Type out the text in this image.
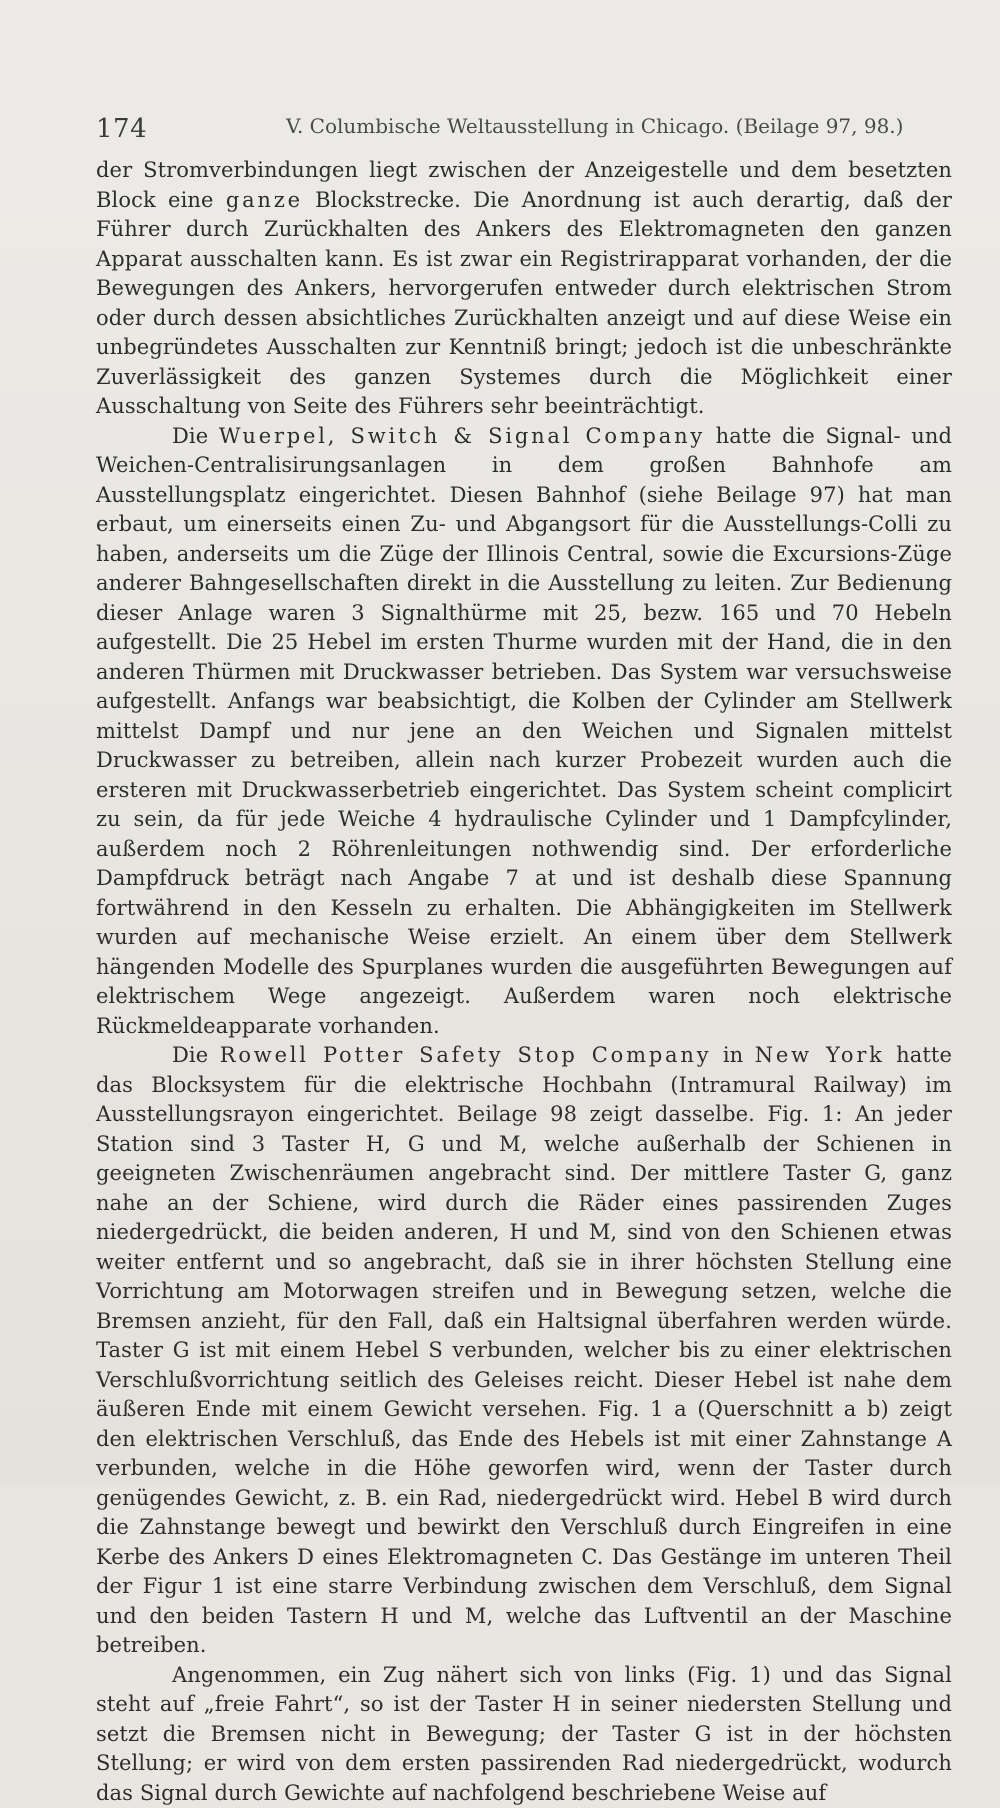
174	V. Columbische Weltausstellung in Chicago. (Beilage 97, 98.)

der Stromverbindungen liegt zwischen der Anzeigestelle und dem besetzten Block eine ganze Blockstrecke. Die Anordnung ist auch derartig, daß der Führer durch Zurückhalten des Ankers des Elektromagneten den ganzen Apparat ausschalten kann. Es ist zwar ein Registrirapparat vorhanden, der die Bewegungen des Ankers, hervorgerufen entweder durch elektrischen Strom oder durch dessen absichtliches Zurückhalten anzeigt und auf diese Weise ein unbegründetes Ausschalten zur Kenntniß bringt; jedoch ist die unbeschränkte Zuverlässigkeit des ganzen Systemes durch die Möglichkeit einer Ausschaltung von Seite des Führers sehr beeinträchtigt.

Die Wuerpel, Switch & Signal Company hatte die Signal- und Weichen-Centralisirungsanlagen in dem großen Bahnhofe am Ausstellungsplatz eingerichtet. Diesen Bahnhof (siehe Beilage 97) hat man erbaut, um einerseits einen Zu- und Abgangsort für die Ausstellungs-Colli zu haben, anderseits um die Züge der Illinois Central, sowie die Excursions-Züge anderer Bahngesellschaften direkt in die Ausstellung zu leiten. Zur Bedienung dieser Anlage waren 3 Signalthürme mit 25, bezw. 165 und 70 Hebeln aufgestellt. Die 25 Hebel im ersten Thurme wurden mit der Hand, die in den anderen Thürmen mit Druckwasser betrieben. Das System war versuchsweise aufgestellt. Anfangs war beabsichtigt, die Kolben der Cylinder am Stellwerk mittelst Dampf und nur jene an den Weichen und Signalen mittelst Druckwasser zu betreiben, allein nach kurzer Probezeit wurden auch die ersteren mit Druckwasserbetrieb eingerichtet. Das System scheint complicirt zu sein, da für jede Weiche 4 hydraulische Cylinder und 1 Dampfcylinder, außerdem noch 2 Röhrenleitungen nothwendig sind. Der erforderliche Dampfdruck beträgt nach Angabe 7 at und ist deshalb diese Spannung fortwährend in den Kesseln zu erhalten. Die Abhängigkeiten im Stellwerk wurden auf mechanische Weise erzielt. An einem über dem Stellwerk hängenden Modelle des Spurplanes wurden die ausgeführten Bewegungen auf elektrischem Wege angezeigt. Außerdem waren noch elektrische Rückmeldeapparate vorhanden.

Die Rowell Potter Safety Stop Company in New York hatte das Blocksystem für die elektrische Hochbahn (Intramural Railway) im Ausstellungsrayon eingerichtet. Beilage 98 zeigt dasselbe. Fig. 1: An jeder Station sind 3 Taster H, G und M, welche außerhalb der Schienen in geeigneten Zwischenräumen angebracht sind. Der mittlere Taster G, ganz nahe an der Schiene, wird durch die Räder eines passirenden Zuges niedergedrückt, die beiden anderen, H und M, sind von den Schienen etwas weiter entfernt und so angebracht, daß sie in ihrer höchsten Stellung eine Vorrichtung am Motorwagen streifen und in Bewegung setzen, welche die Bremsen anzieht, für den Fall, daß ein Haltsignal überfahren werden würde. Taster G ist mit einem Hebel S verbunden, welcher bis zu einer elektrischen Verschlußvorrichtung seitlich des Geleises reicht. Dieser Hebel ist nahe dem äußeren Ende mit einem Gewicht versehen. Fig. 1 a (Querschnitt a b) zeigt den elektrischen Verschluß, das Ende des Hebels ist mit einer Zahnstange A verbunden, welche in die Höhe geworfen wird, wenn der Taster durch genügendes Gewicht, z. B. ein Rad, niedergedrückt wird. Hebel B wird durch die Zahnstange bewegt und bewirkt den Verschluß durch Eingreifen in eine Kerbe des Ankers D eines Elektromagneten C. Das Gestänge im unteren Theil der Figur 1 ist eine starre Verbindung zwischen dem Verschluß, dem Signal und den beiden Tastern H und M, welche das Luftventil an der Maschine betreiben.

Angenommen, ein Zug nähert sich von links (Fig. 1) und das Signal steht auf „freie Fahrt“, so ist der Taster H in seiner niedersten Stellung und setzt die Bremsen nicht in Bewegung; der Taster G ist in der höchsten Stellung; er wird von dem ersten passirenden Rad niedergedrückt, wodurch das Signal durch Gewichte auf nachfolgend beschriebene Weise auf
